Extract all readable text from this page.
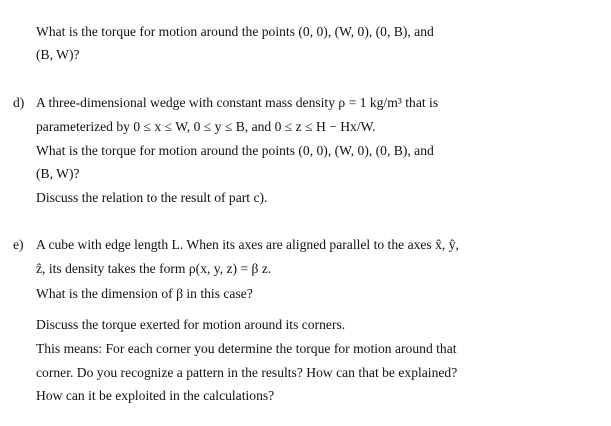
What is the torque for motion around the points (0, 0), (W, 0), (0, B), and
(B, W)?
d) A three-dimensional wedge with constant mass density ρ = 1 kg/m³ that is
parameterized by 0 ≤ x ≤ W, 0 ≤ y ≤ B, and 0 ≤ z ≤ H − Hx/W.
What is the torque for motion around the points (0, 0), (W, 0), (0, B), and
(B, W)?
Discuss the relation to the result of part c).
e) A cube with edge length L. When its axes are aligned parallel to the axes x̂, ŷ,
ẑ, its density takes the form ρ(x, y, z) = β z.
What is the dimension of β in this case?
Discuss the torque exerted for motion around its corners.
This means: For each corner you determine the torque for motion around that
corner. Do you recognize a pattern in the results? How can that be explained?
How can it be exploited in the calculations?
